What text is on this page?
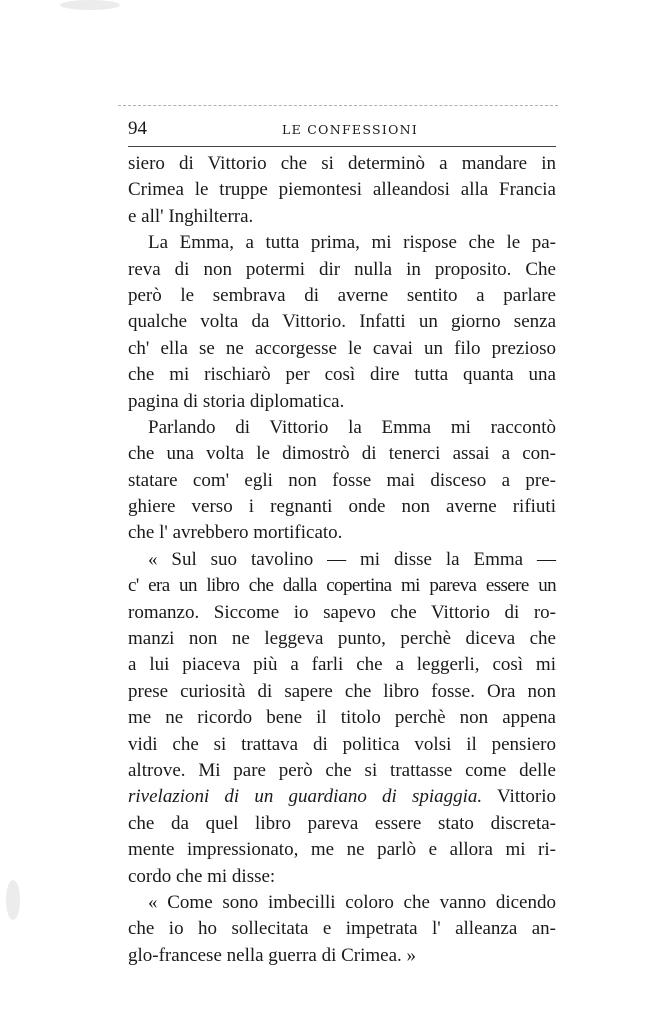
94	LE CONFESSIONI
siero di Vittorio che si determinò a mandare in
Crimea le truppe piemontesi alleandosi alla Francia
e all' Inghilterra.
La Emma, a tutta prima, mi rispose che le pa-
reva di non potermi dir nulla in proposito. Che
però le sembrava di averne sentito a parlare
qualche volta da Vittorio. Infatti un giorno senza
ch' ella se ne accorgesse le cavai un filo prezioso
che mi rischiarò per così dire tutta quanta una
pagina di storia diplomatica.
Parlando di Vittorio la Emma mi raccontò
che una volta le dimostrò di tenerci assai a con-
statare com' egli non fosse mai disceso a pre-
ghiere verso i regnanti onde non averne rifiuti
che l' avrebbero mortificato.
« Sul suo tavolino — mi disse la Emma —
c' era un libro che dalla copertina mi pareva essere un
romanzo. Siccome io sapevo che Vittorio di ro-
manzi non ne leggeva punto, perchè diceva che
a lui piaceva più a farli che a leggerli, così mi
prese curiosità di sapere che libro fosse. Ora non
me ne ricordo bene il titolo perchè non appena
vidi che si trattava di politica volsi il pensiero
altrove. Mi pare però che si trattasse come delle
rivelazioni di un guardiano di spiaggia. Vittorio
che da quel libro pareva essere stato discreta-
mente impressionato, me ne parlò e allora mi ri-
cordo che mi disse:
« Come sono imbecilli coloro che vanno dicendo
che io ho sollecitata e impetrata l' alleanza an-
glo-francese nella guerra di Crimea. »
